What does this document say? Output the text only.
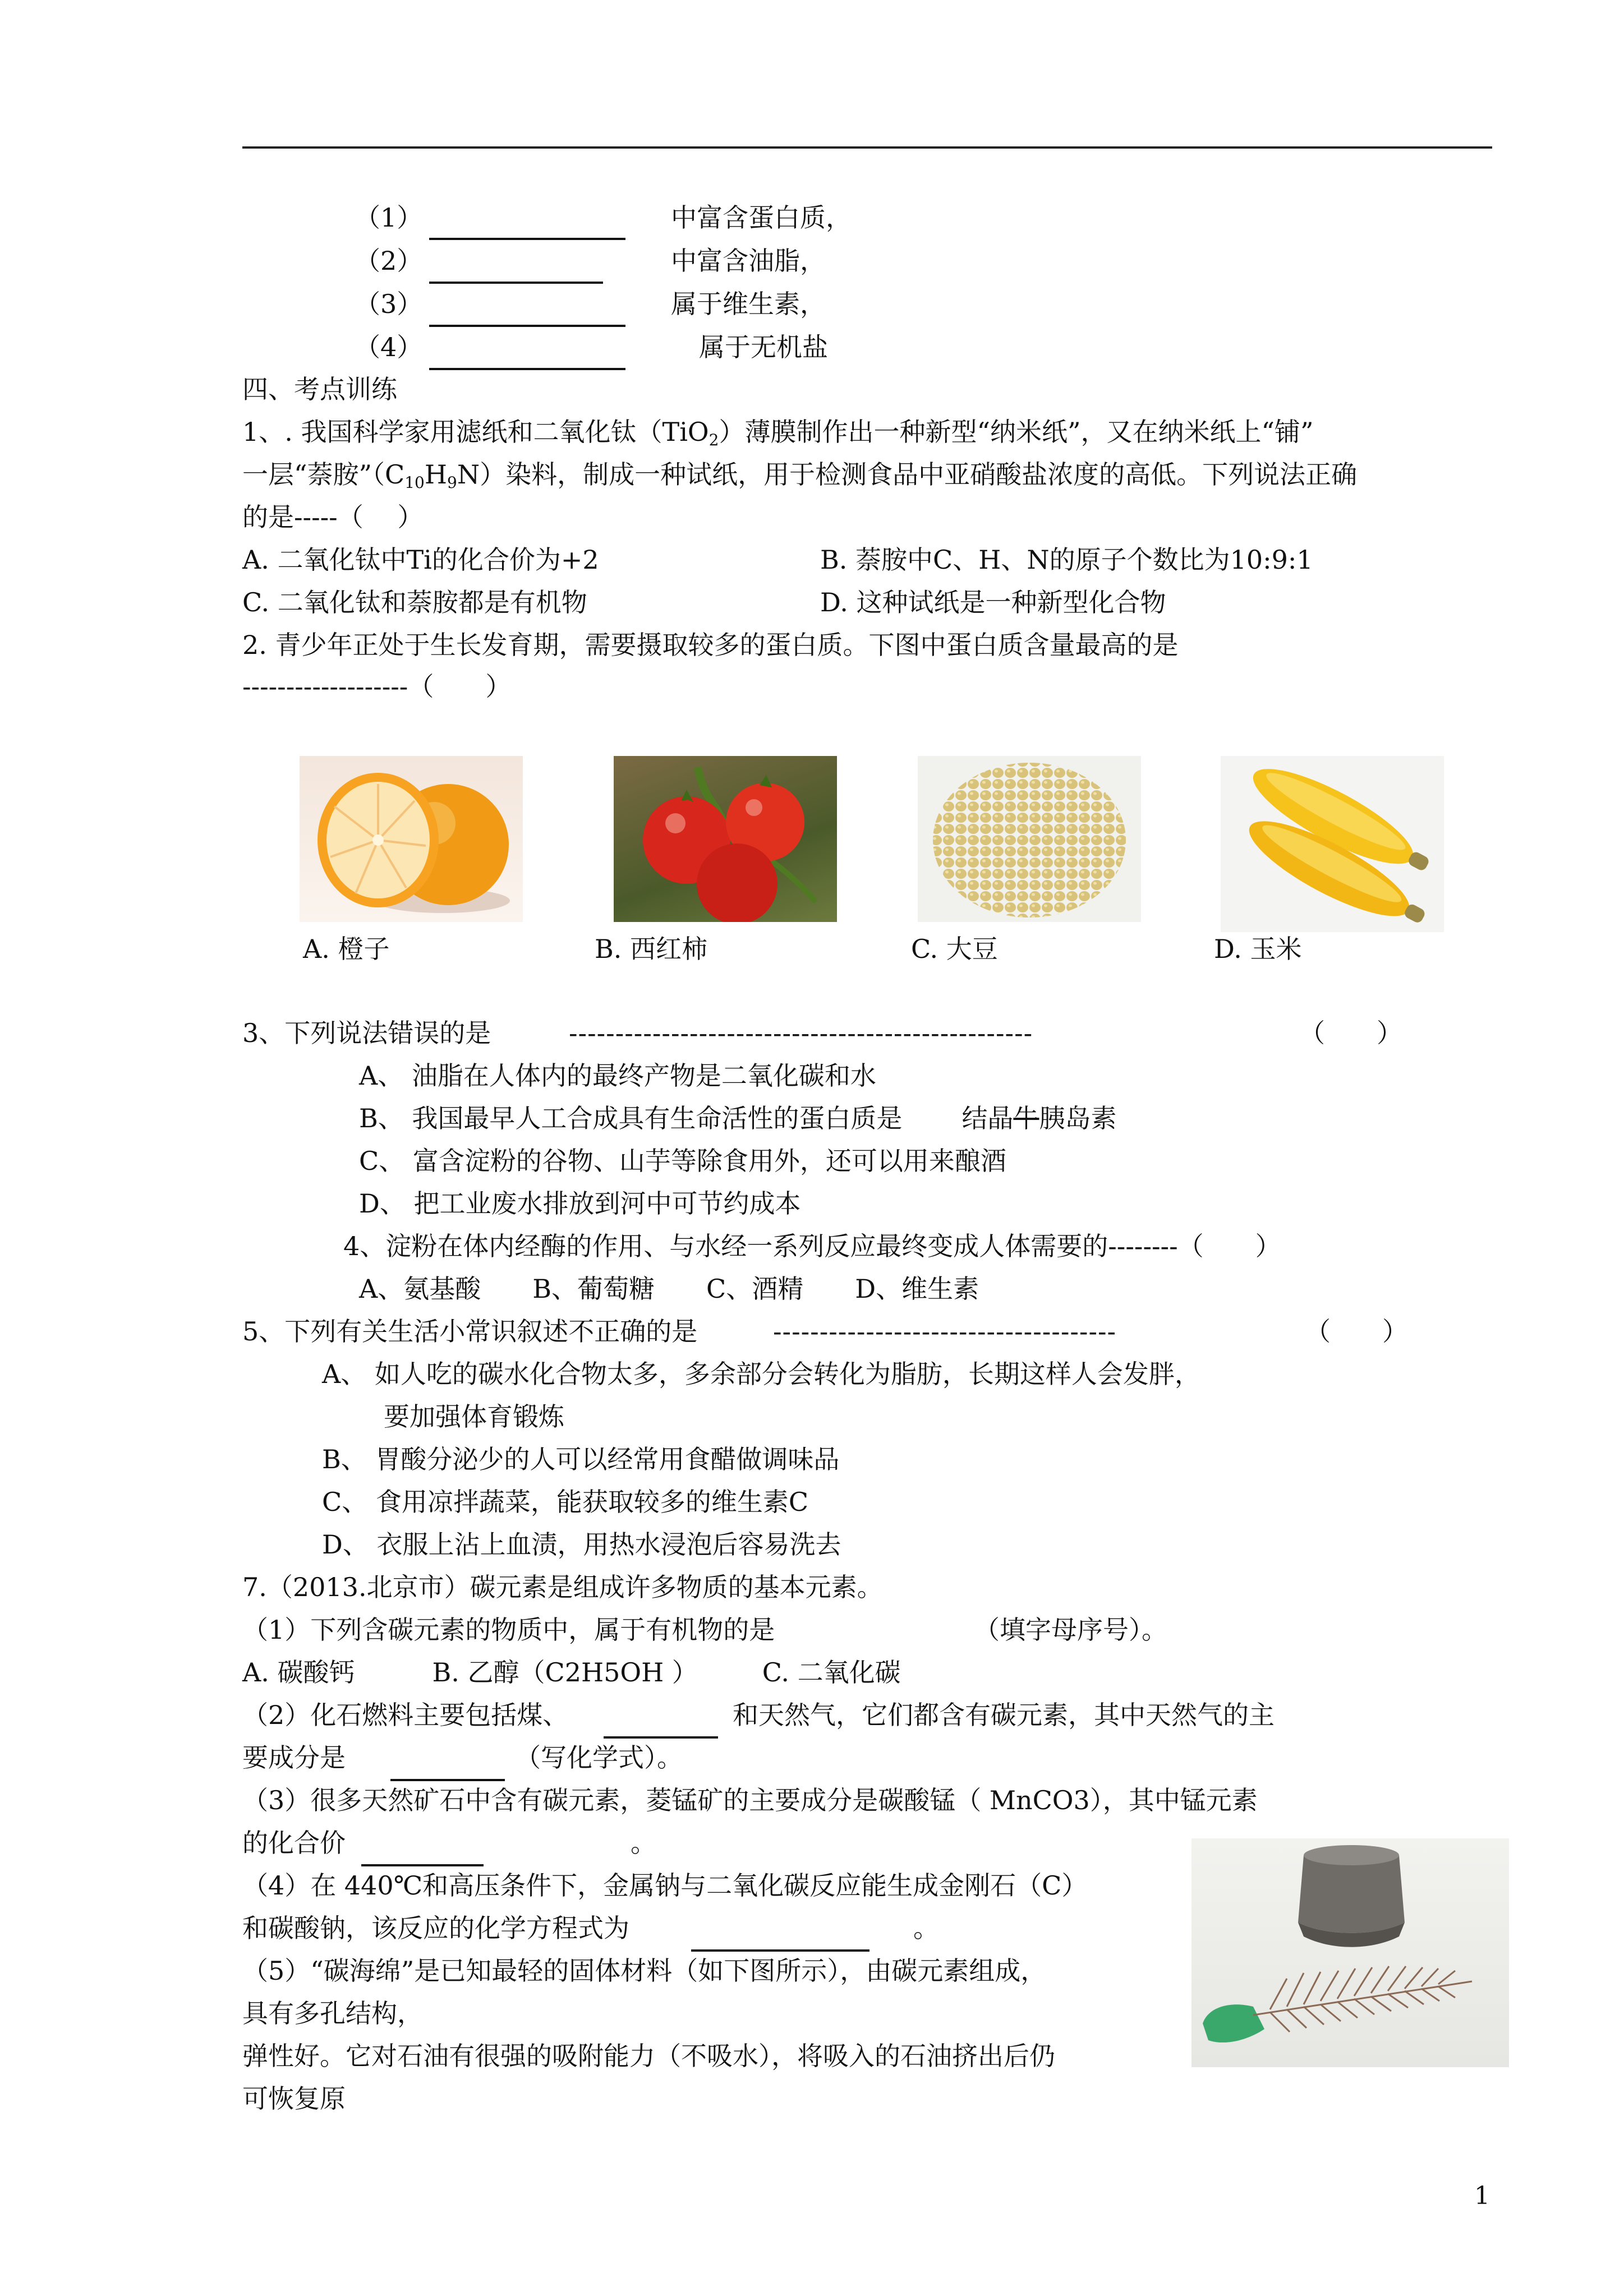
（1）	中富含蛋白质，
（2）	中富含油脂，
（3）	属于维生素，
（4）	属于无机盐
四、考点训练
1、. 我国科学家用滤纸和二氧化钛（TiO$_2$）薄膜制作出一种新型“纳米纸”，又在纳米纸上“铺”
一层“萘胺$”(C_{10}H_9N)$染料，制成一种试纸，用于检测食品中亚硝酸盐浓度的高低。下列说法正确
的是-----（　 ）
A. 二氧化钛中Ti的化合价为+2	B. 萘胺中C、H、N的原子个数比为10:9:1
C. 二氧化钛和萘胺都是有机物	D. 这种试纸是一种新型化合物
2. 青少年正处于生长发育期，需要摄取较多的蛋白质。下图中蛋白质含量最高的是
-------------------（　　）
A. 橙子	B. 西红柿	C. 大豆	D. 玉米
3、下列说法错误的是	--------------------------------------------------	（　　）
A、 油脂在人体内的最终产物是二氧化碳和水
B、 我国最早人工合成具有生命活性的蛋白质是 结晶牛胰岛素
C、 富含淀粉的谷物、山芋等除食用外，还可以用来酿酒
D、 把工业废水排放到河中可节约成本
4、淀粉在体内经酶的作用、与水经一系列反应最终变成人体需要的--------（　　）
A、氨基酸　　B、葡萄糖　　C、酒精　　D、维生素
5、下列有关生活小常识叙述不正确的是	-------------------------------------	（　　）
A、 如人吃的碳水化合物太多，多余部分会转化为脂肪，长期这样人会发胖，
要加强体育锻炼
B、 胃酸分泌少的人可以经常用食醋做调味品
C、 食用凉拌蔬菜，能获取较多的维生素C
D、 衣服上沾上血渍，用热水浸泡后容易洗去
7.（2013.北京市）碳元素是组成许多物质的基本元素。
（1）下列含碳元素的物质中，属于有机物的是	（填字母序号）。
A. 碳酸钙　　　B. 乙醇（C2H5OH ）　　　C. 二氧化碳
（2）化石燃料主要包括煤、	和天然气，它们都含有碳元素，其中天然气的主
要成分是	（写化学式）。
（3）很多天然矿石中含有碳元素，菱锰矿的主要成分是碳酸锰（ MnCO3），其中锰元素
的化合价	。
（4）在 440℃和高压条件下，金属钠与二氧化碳反应能生成金刚石（C）
和碳酸钠，该反应的化学方程式为	。
（5）“碳海绵”是已知最轻的固体材料（如下图所示），由碳元素组成，
具有多孔结构，
弹性好。它对石油有很强的吸附能力（不吸水），将吸入的石油挤出后仍
可恢复原
1
